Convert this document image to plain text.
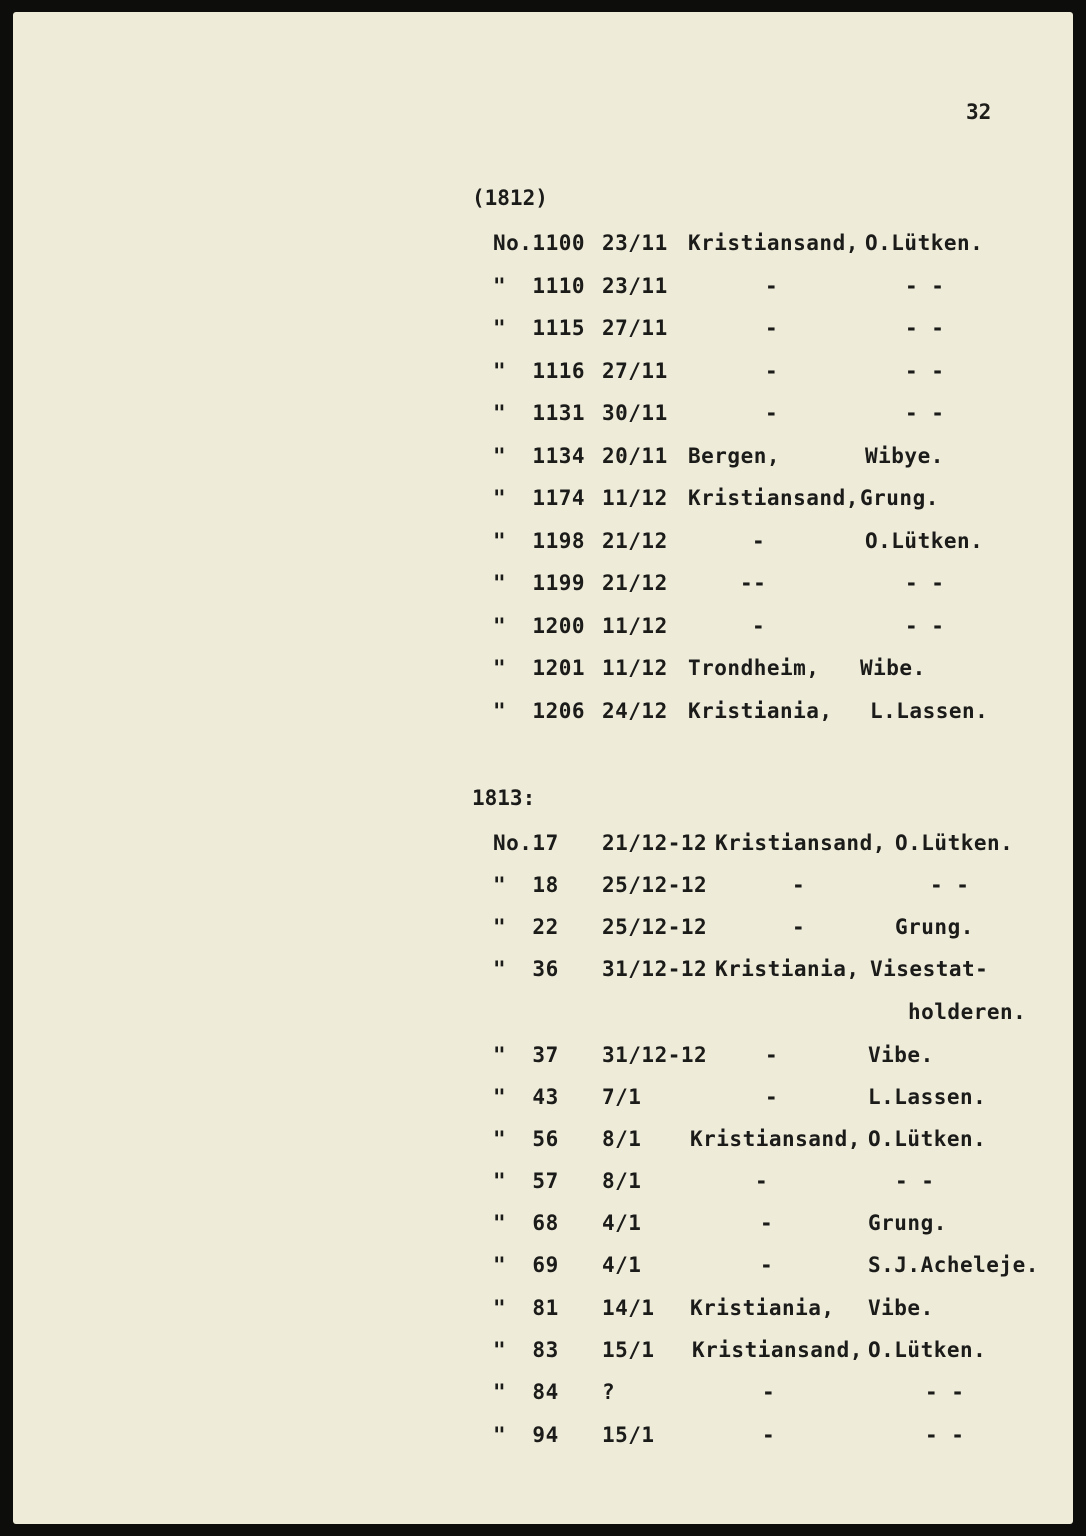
32
(1812)
No.1100 23/11 Kristiansand, O.Lütken.
"  1110 23/11	-	- -
"  1115 27/11	-	- -
"  1116 27/11	-	- -
"  1131 30/11	-	- -
"  1134 20/11 Bergen,	Wibye.
"  1174 11/12 Kristiansand, Grung.
"  1198 21/12	-	O.Lütken.
"  1199 21/12	--	- -
"  1200 11/12	-	- -
"  1201 11/12 Trondheim, Wibe.
"  1206 24/12 Kristiania, L.Lassen.
1813:
No.17 21/12-12 Kristiansand, O.Lütken.
"  18 25/12-12	-	- -
"  22 25/12-12	-	Grung.
"  36 31/12-12 Kristiania, Visestat-
holderen.
"  37 31/12-12	-	Vibe.
"  43 7/1	-	L.Lassen.
"  56 8/1 Kristiansand, O.Lütken.
"  57 8/1	-	- -
"  68 4/1	-	Grung.
"  69 4/1	-	S.J.Acheleje.
"  81 14/1 Kristiania, Vibe.
"  83 15/1 Kristiansand, O.Lütken.
"  84 ?	-	- -
"  94 15/1	-	- -
